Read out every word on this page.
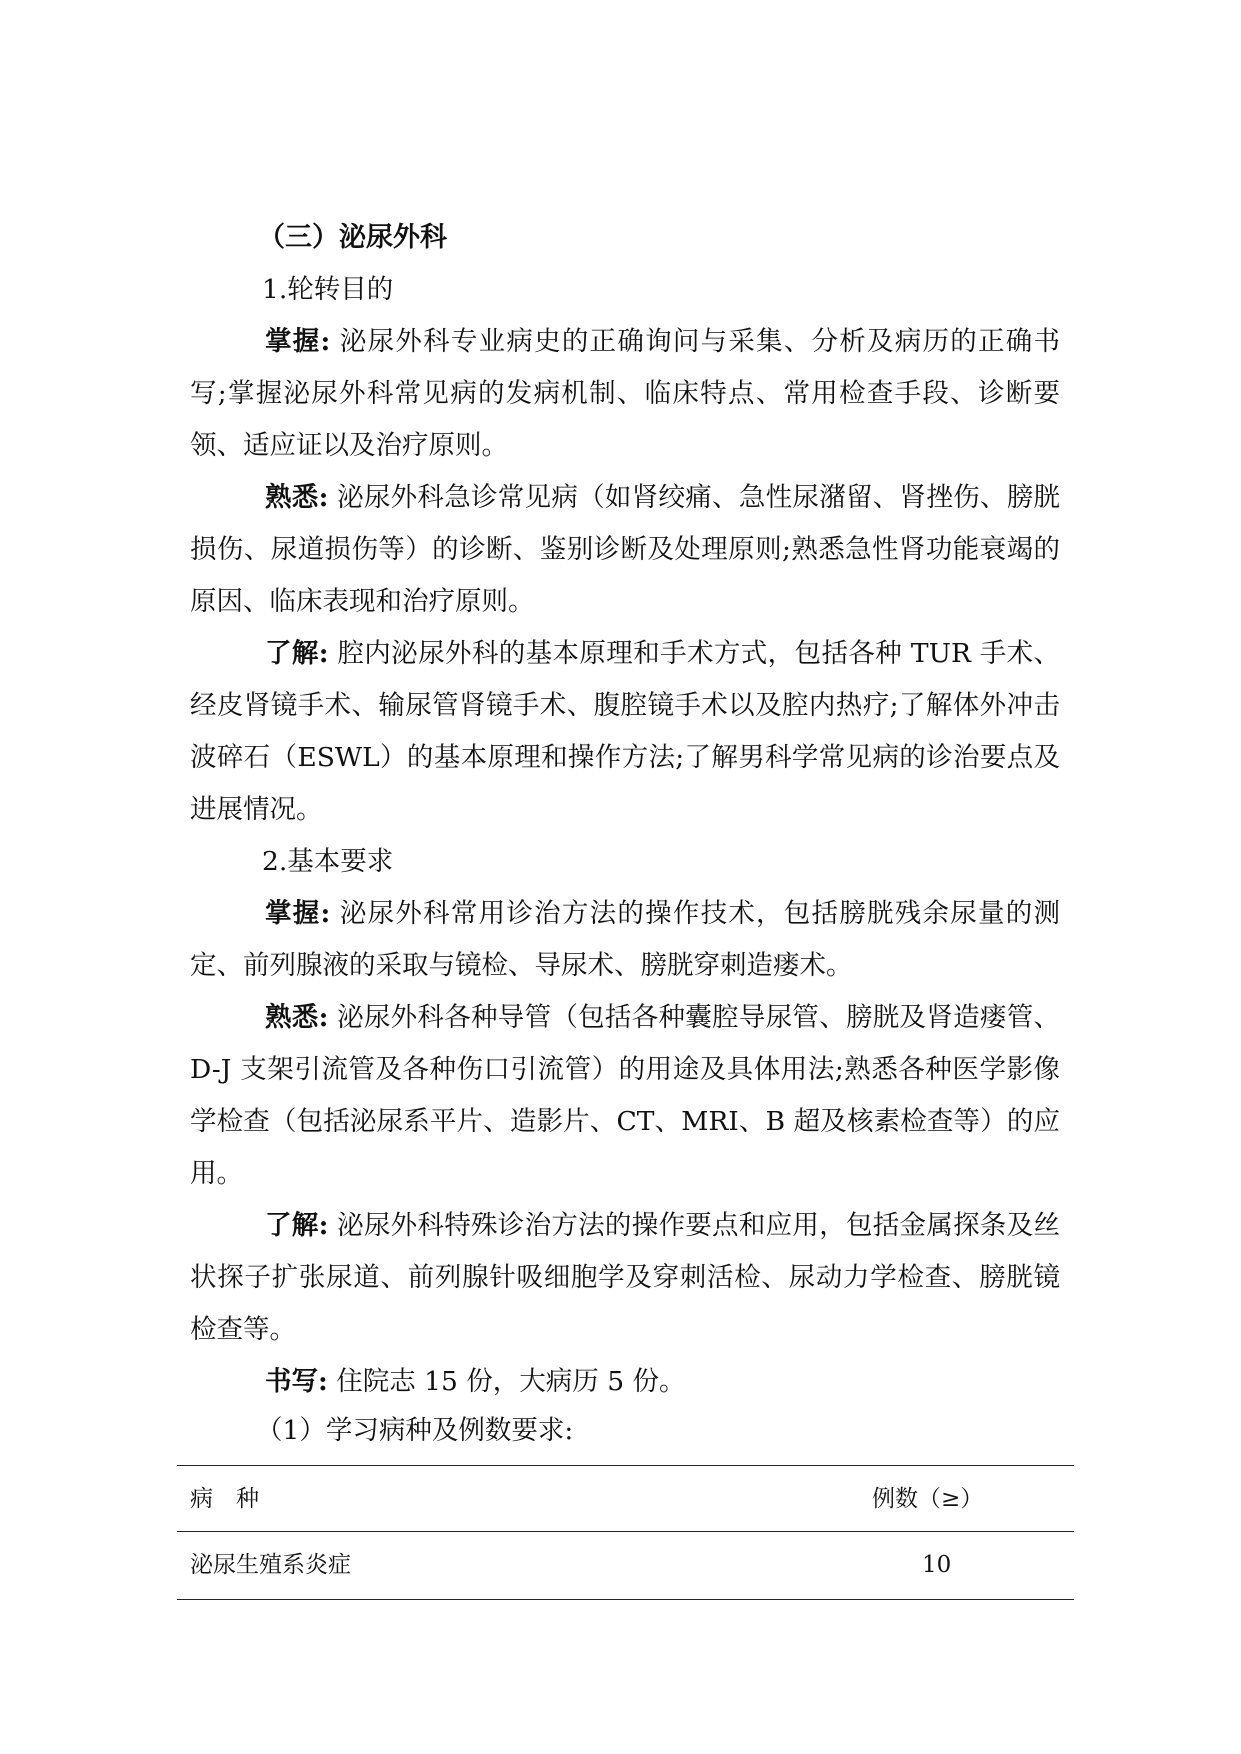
（三）泌尿外科

1.轮转目的

掌握: 泌尿外科专业病史的正确询问与采集、分析及病历的正确书写;掌握泌尿外科常见病的发病机制、临床特点、常用检查手段、诊断要领、适应证以及治疗原则。

熟悉: 泌尿外科急诊常见病（如肾绞痛、急性尿潴留、肾挫伤、膀胱损伤、尿道损伤等）的诊断、鉴别诊断及处理原则;熟悉急性肾功能衰竭的原因、临床表现和治疗原则。

了解: 腔内泌尿外科的基本原理和手术方式，包括各种 TUR 手术、经皮肾镜手术、输尿管肾镜手术、腹腔镜手术以及腔内热疗;了解体外冲击波碎石（ESWL）的基本原理和操作方法;了解男科学常见病的诊治要点及进展情况。

2.基本要求

掌握: 泌尿外科常用诊治方法的操作技术，包括膀胱残余尿量的测定、前列腺液的采取与镜检、导尿术、膀胱穿刺造瘘术。

熟悉: 泌尿外科各种导管（包括各种囊腔导尿管、膀胱及肾造瘘管、D-J 支架引流管及各种伤口引流管）的用途及具体用法;熟悉各种医学影像学检查（包括泌尿系平片、造影片、CT、MRI、B 超及核素检查等）的应用。

了解: 泌尿外科特殊诊治方法的操作要点和应用，包括金属探条及丝状探子扩张尿道、前列腺针吸细胞学及穿刺活检、尿动力学检查、膀胱镜检查等。

书写: 住院志 15 份，大病历 5 份。

（1）学习病种及例数要求:

病　种	例数（≥）
泌尿生殖系炎症	10
